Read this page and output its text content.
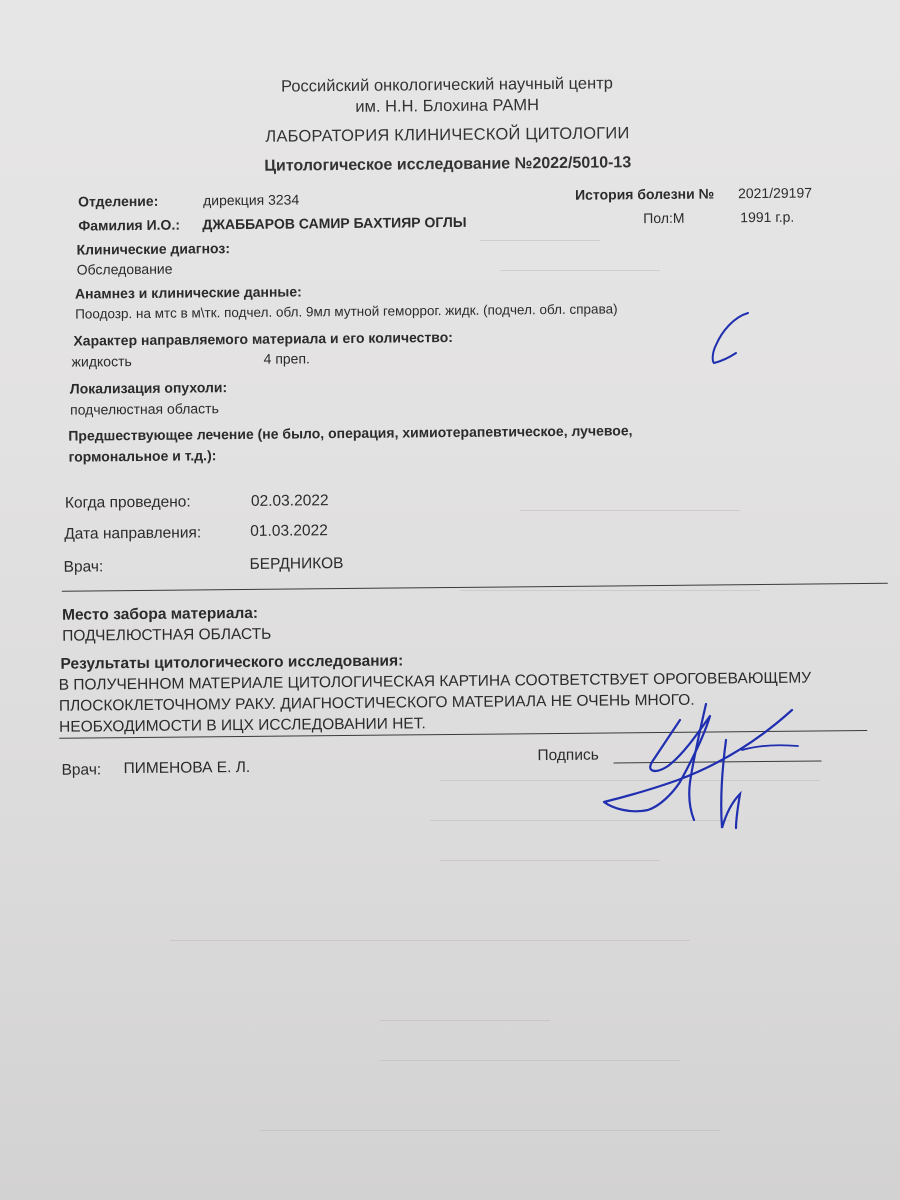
Российский онкологический научный центр
им. Н.Н. Блохина РАМН
ЛАБОРАТОРИЯ КЛИНИЧЕСКОЙ ЦИТОЛОГИИ
Цитологическое исследование №2022/5010-13
Отделение:	дирекция 3234	История болезни № 2021/29197
Фамилия И.О.: ДЖАББАРОВ САМИР БАХТИЯР ОГЛЫ	Пол:М	1991 г.р.
Клинические диагноз:
Обследование
Анамнез и клинические данные:
Поодозр. на мтс в м\тк. подчел. обл. 9мл мутной геморрог. жидк. (подчел. обл. справа)
Характер направляемого материала и его количество:
жидкость	4 преп.
Локализация опухоли:
подчелюстная область
Предшествующее лечение (не было, операция, химиотерапевтическое, лучевое,
гормональное и т.д.):
Когда проведено:	02.03.2022
Дата направления:	01.03.2022
Врач:	БЕРДНИКОВ
Место забора материала:
ПОДЧЕЛЮСТНАЯ ОБЛАСТЬ
Результаты цитологического исследования:
В ПОЛУЧЕННОМ МАТЕРИАЛЕ ЦИТОЛОГИЧЕСКАЯ КАРТИНА СООТВЕТСТВУЕТ ОРОГОВЕВАЮЩЕМУ
ПЛОСКОКЛЕТОЧНОМУ РАКУ. ДИАГНОСТИЧЕСКОГО МАТЕРИАЛА НЕ ОЧЕНЬ МНОГО.
НЕОБХОДИМОСТИ В ИЦХ ИССЛЕДОВАНИИ НЕТ.
Врач: ПИМЕНОВА Е. Л.
Подпись
